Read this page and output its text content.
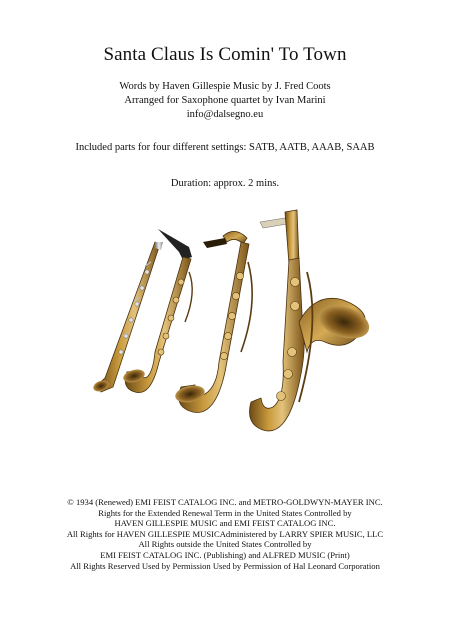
Santa Claus Is Comin' To Town
Words by Haven Gillespie Music by J. Fred Coots
Arranged for Saxophone quartet by Ivan Marini
info@dalsegno.eu
Included parts for four different settings: SATB, AATB, AAAB, SAAB
Duration: approx. 2 mins.
© 1934 (Renewed) EMI FEIST CATALOG INC. and METRO-GOLDWYN-MAYER INC.
Rights for the Extended Renewal Term in the United States Controlled by
HAVEN GILLESPIE MUSIC and EMI FEIST CATALOG INC.
All Rights for HAVEN GILLESPIE MUSICAdministered by LARRY SPIER MUSIC, LLC
All Rights outside the United States Controlled by
EMI FEIST CATALOG INC. (Publishing) and ALFRED MUSIC (Print)
All Rights Reserved Used by Permission Used by Permission of Hal Leonard Corporation
